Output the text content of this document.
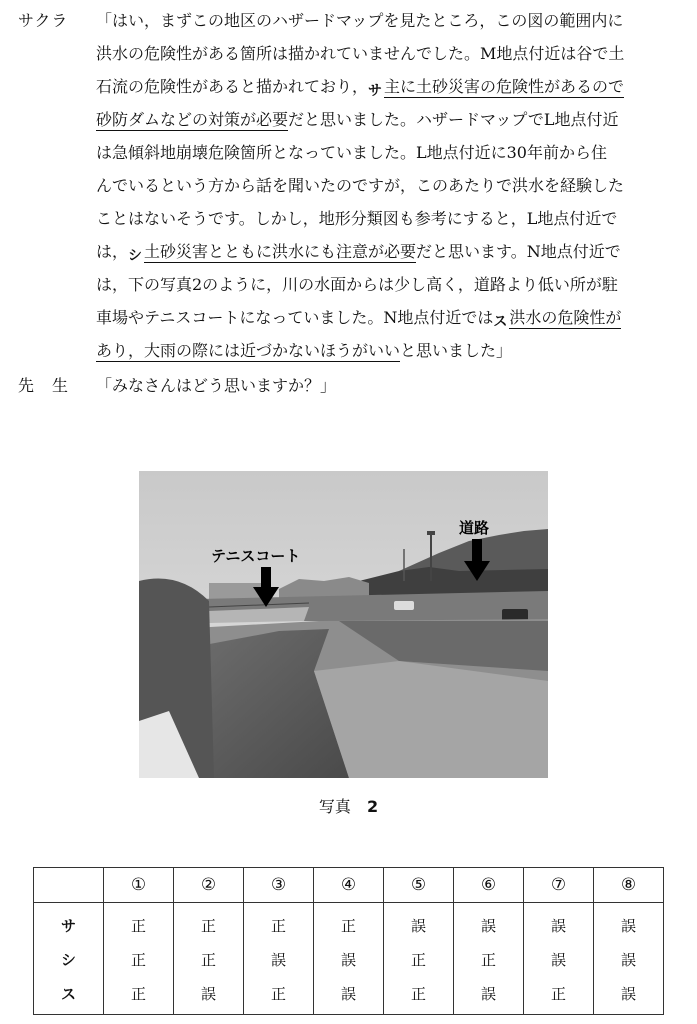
サクラ	「はい，まずこの地区のハザードマップを見たところ，この図の範囲内に
洪水の危険性がある箇所は描かれていませんでした。M地点付近は谷で土
石流の危険性があると描かれており，サ 主に土砂災害の危険性があるので
砂防ダムなどの対策が必要だと思いました。ハザードマップでL地点付近
は急傾斜地崩壊危険箇所となっていました。L地点付近に30年前から住
んでいるという方から話を聞いたのですが，このあたりで洪水を経験した
ことはないそうです。しかし，地形分類図も参考にすると，L地点付近で
は，シ 土砂災害とともに洪水にも注意が必要だと思います。N地点付近で
は，下の写真2のように，川の水面からは少し高く，道路より低い所が駐
車場やテニスコートになっていました。N地点付近ではス 洪水の危険性が
あり，大雨の際には近づかないほうがいいと思いました」
先　生	「みなさんはどう思いますか？」
テニスコート
道路
写真 2
	①	②	③	④	⑤	⑥	⑦	⑧
サ	正	正	正	正	誤	誤	誤	誤
シ	正	正	誤	誤	正	正	誤	誤
ス	正	誤	正	誤	正	誤	正	誤
